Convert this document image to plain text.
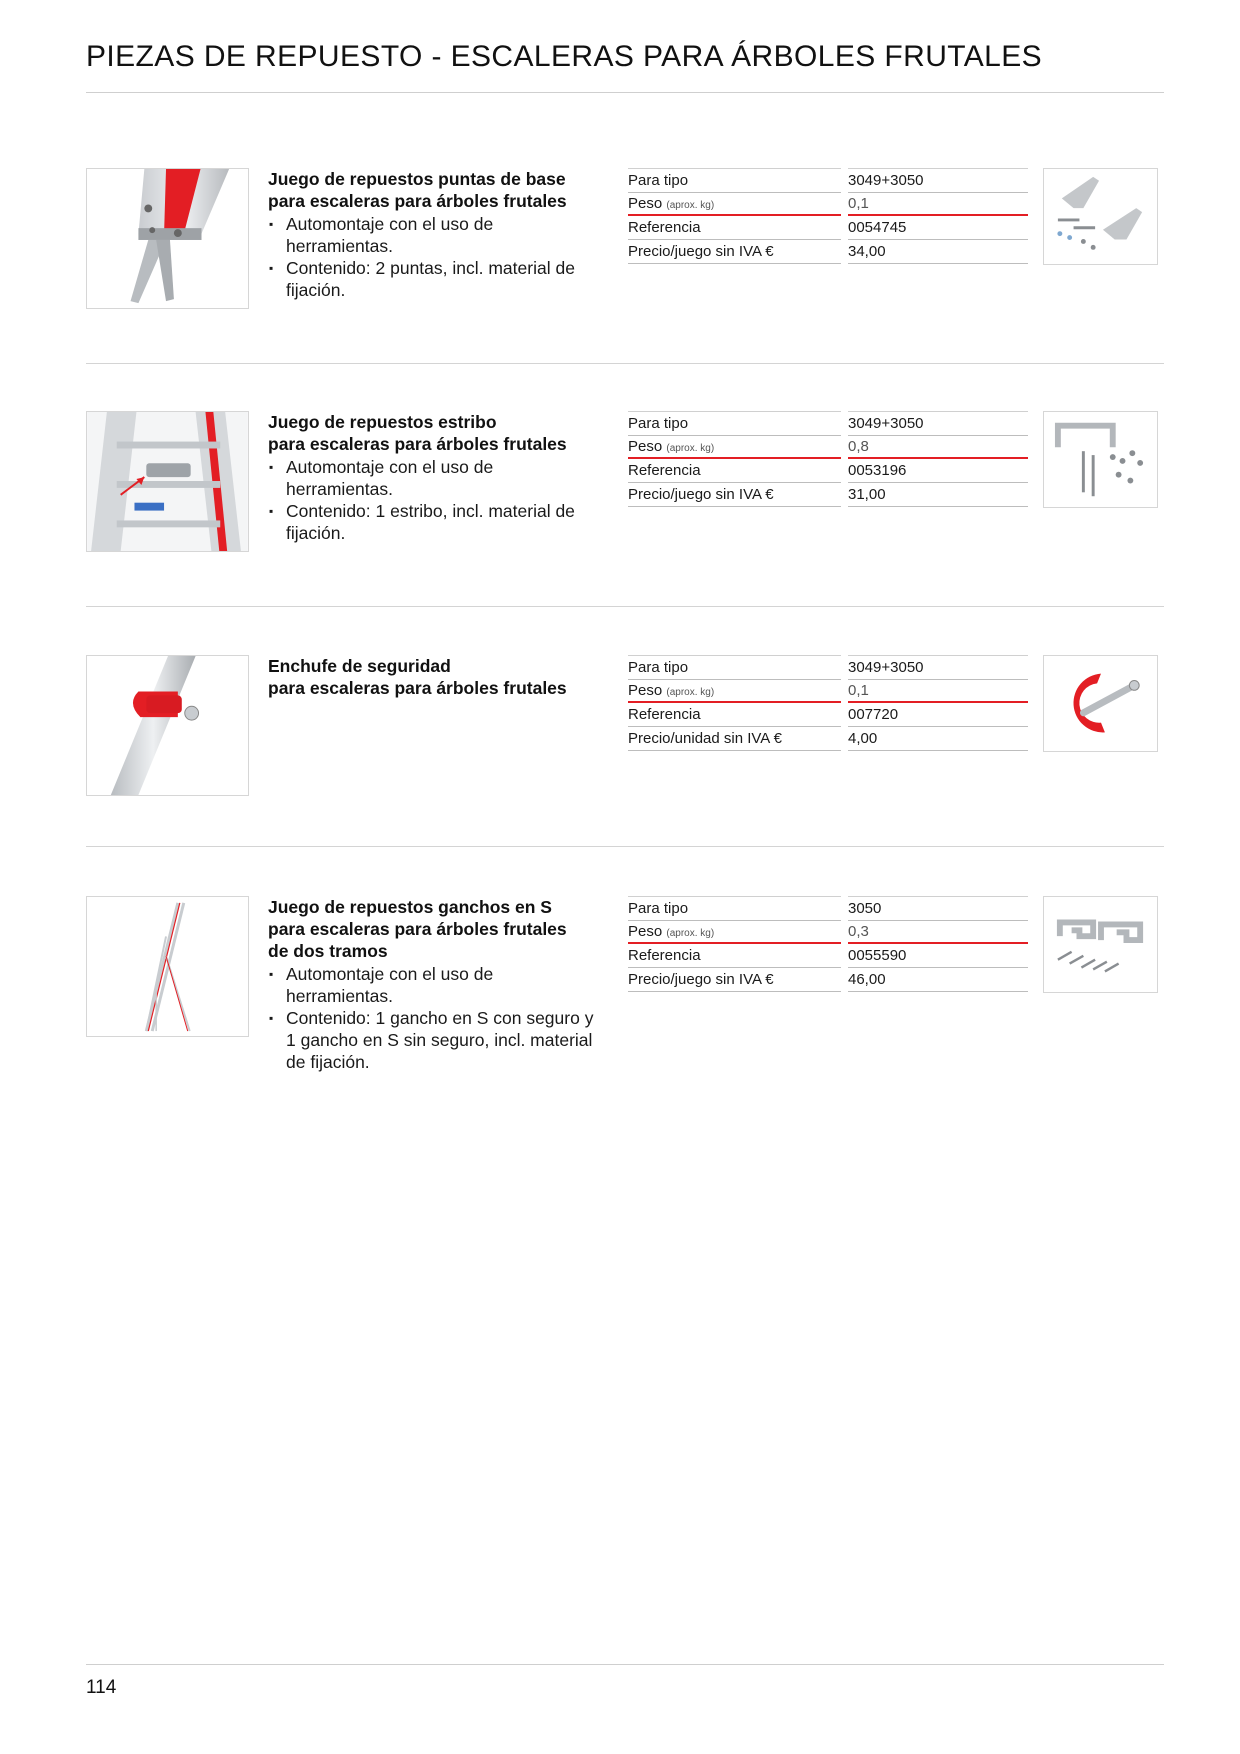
PIEZAS DE REPUESTO - ESCALERAS PARA ÁRBOLES FRUTALES
Juego de repuestos puntas de base
para escaleras para árboles frutales
▪ Automontaje con el uso de herramientas.
▪ Contenido: 2 puntas, incl. material de fijación.
Para tipo	3049+3050
Peso (aprox. kg)	0,1
Referencia	0054745
Precio/juego sin IVA €	34,00
Juego de repuestos estribo
para escaleras para árboles frutales
▪ Automontaje con el uso de herramientas.
▪ Contenido: 1 estribo, incl. material de fijación.
Para tipo	3049+3050
Peso (aprox. kg)	0,8
Referencia	0053196
Precio/juego sin IVA €	31,00
Enchufe de seguridad
para escaleras para árboles frutales
Para tipo	3049+3050
Peso (aprox. kg)	0,1
Referencia	007720
Precio/unidad sin IVA €	4,00
Juego de repuestos ganchos en S
para escaleras para árboles frutales
de dos tramos
▪ Automontaje con el uso de herramientas.
▪ Contenido: 1 gancho en S con seguro y 1 gancho en S sin seguro, incl. material de fijación.
Para tipo	3050
Peso (aprox. kg)	0,3
Referencia	0055590
Precio/juego sin IVA €	46,00
114
